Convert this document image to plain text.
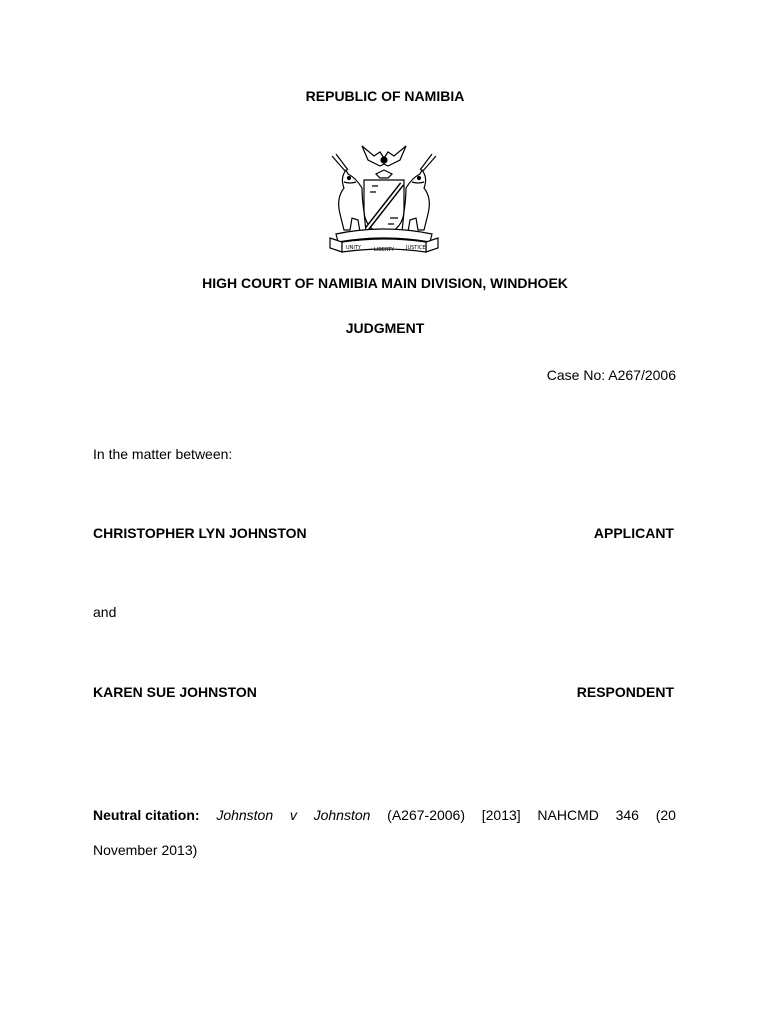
REPUBLIC OF NAMIBIA
UNITY	LIBERTY JUSTICE
HIGH COURT OF NAMIBIA MAIN DIVISION, WINDHOEK
JUDGMENT
Case No: A267/2006
In the matter between:
CHRISTOPHER LYN JOHNSTON	APPLICANT
and
KAREN SUE JOHNSTON	RESPONDENT
Neutral citation: Johnston v Johnston (A267-2006) [2013] NAHCMD 346 (20
November 2013)
